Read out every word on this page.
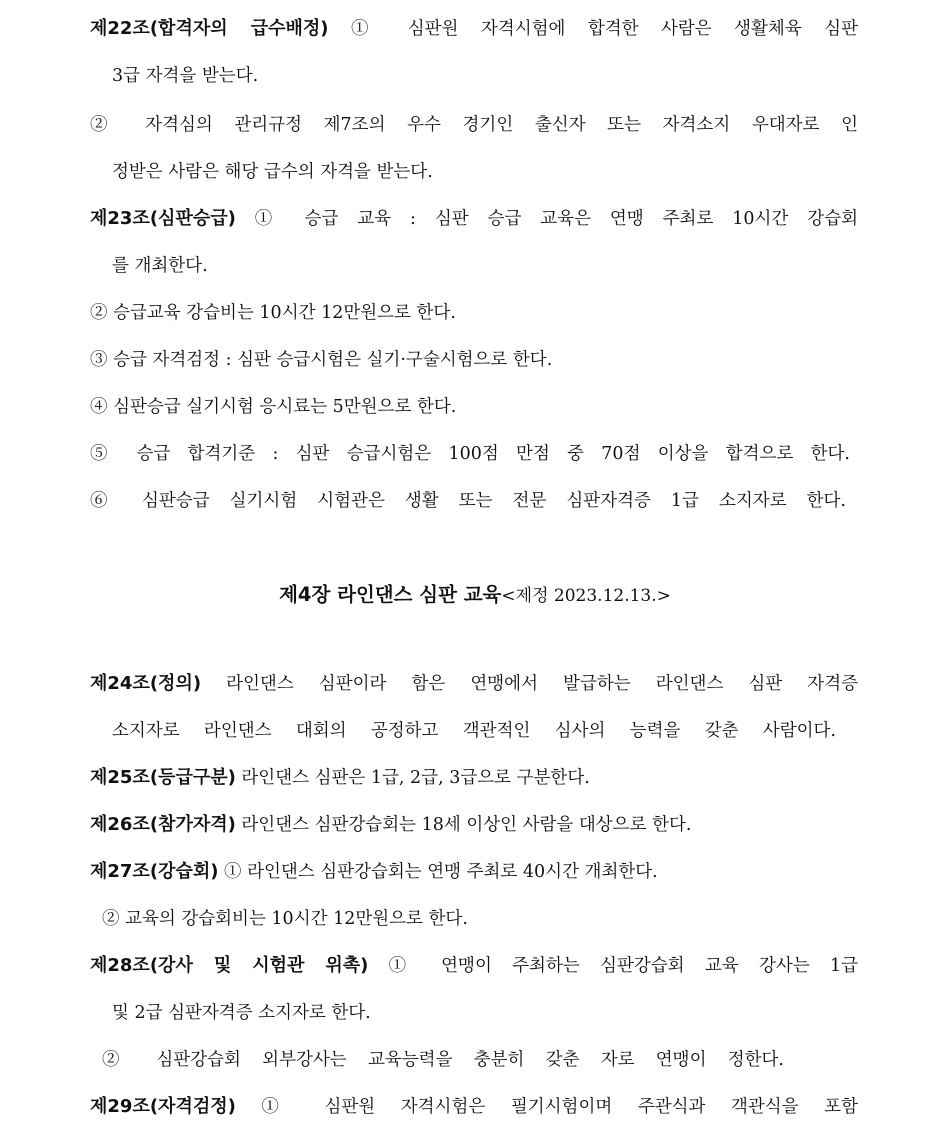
제22조(합격자의 급수배정) ① 심판원 자격시험에 합격한 사람은 생활체육 심판
3급 자격을 받는다.
② 자격심의 관리규정 제7조의 우수 경기인 출신자 또는 자격소지 우대자로 인
정받은 사람은 해당 급수의 자격을 받는다.
제23조(심판승급) ① 승급 교육 : 심판 승급 교육은 연맹 주최로 10시간 강습회
를 개최한다.
② 승급교육 강습비는 10시간 12만원으로 한다.
③ 승급 자격검정 : 심판 승급시험은 실기·구술시험으로 한다.
④ 심판승급 실기시험 응시료는 5만원으로 한다.
⑤ 승급 합격기준 : 심판 승급시험은 100점 만점 중 70점 이상을 합격으로 한다.
⑥ 심판승급 실기시험 시험관은 생활 또는 전문 심판자격증 1급 소지자로 한다.
제4장 라인댄스 심판 교육<제정 2023.12.13.>
제24조(정의) 라인댄스 심판이라 함은 연맹에서 발급하는 라인댄스 심판 자격증
소지자로 라인댄스 대회의 공정하고 객관적인 심사의 능력을 갖춘 사람이다.
제25조(등급구분) 라인댄스 심판은 1급, 2급, 3급으로 구분한다.
제26조(참가자격) 라인댄스 심판강습회는 18세 이상인 사람을 대상으로 한다.
제27조(강습회) ① 라인댄스 심판강습회는 연맹 주최로 40시간 개최한다.
② 교육의 강습회비는 10시간 12만원으로 한다.
제28조(강사 및 시험관 위촉) ① 연맹이 주최하는 심판강습회 교육 강사는 1급
및 2급 심판자격증 소지자로 한다.
② 심판강습회 외부강사는 교육능력을 충분히 갖춘 자로 연맹이 정한다.
제29조(자격검정) ① 심판원 자격시험은 필기시험이며 주관식과 객관식을 포함
